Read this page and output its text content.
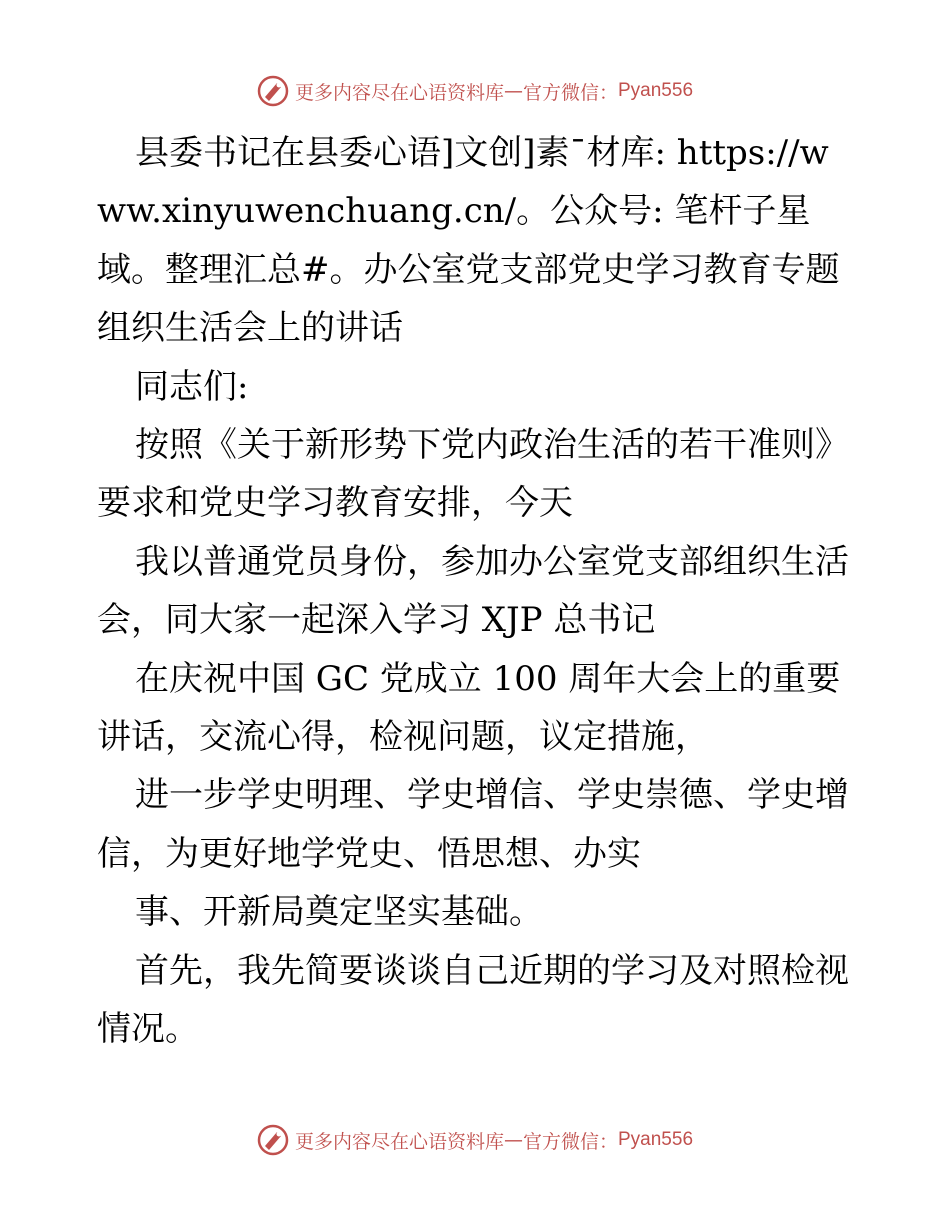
更多内容尽在心语资料库 — 官方微信： Pyan556

县委书记在县委心语]文创]素¯材库: https://www.xinyuwenchuang.cn/。公众号: 笔杆子星域。整理汇总#。办公室党支部党史学习教育专题组织生活会上的讲话

同志们:

按照《关于新形势下党内政治生活的若干准则》要求和党史学习教育安排，今天

我以普通党员身份，参加办公室党支部组织生活会，同大家一起深入学习 XJP 总书记

在庆祝中国 GC 党成立 100 周年大会上的重要讲话，交流心得，检视问题，议定措施，

进一步学史明理、学史增信、学史崇德、学史增信，为更好地学党史、悟思想、办实

事、开新局奠定坚实基础。

首先，我先简要谈谈自己近期的学习及对照检视情况。

更多内容尽在心语资料库 — 官方微信： Pyan556
